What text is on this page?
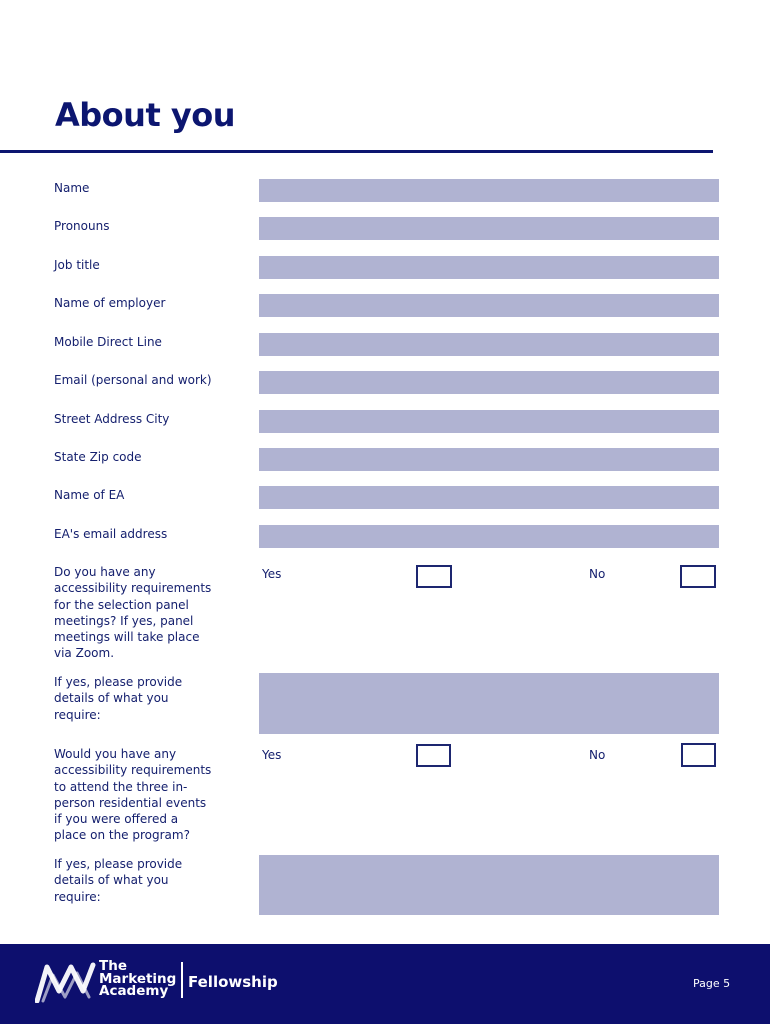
About you
Name
Pronouns
Job title
Name of employer
Mobile Direct Line
Email (personal and work)
Street Address City
State Zip code
Name of EA
EA's email address
Do you have any accessibility requirements for the selection panel meetings? If yes, panel meetings will take place via Zoom.
Yes	No
If yes, please provide details of what you require:
Would you have any accessibility requirements to attend the three in-person residential events if you were offered a place on the program?
Yes	No
If yes, please provide details of what you require:
The
Marketing
Academy	Fellowship	Page 5
